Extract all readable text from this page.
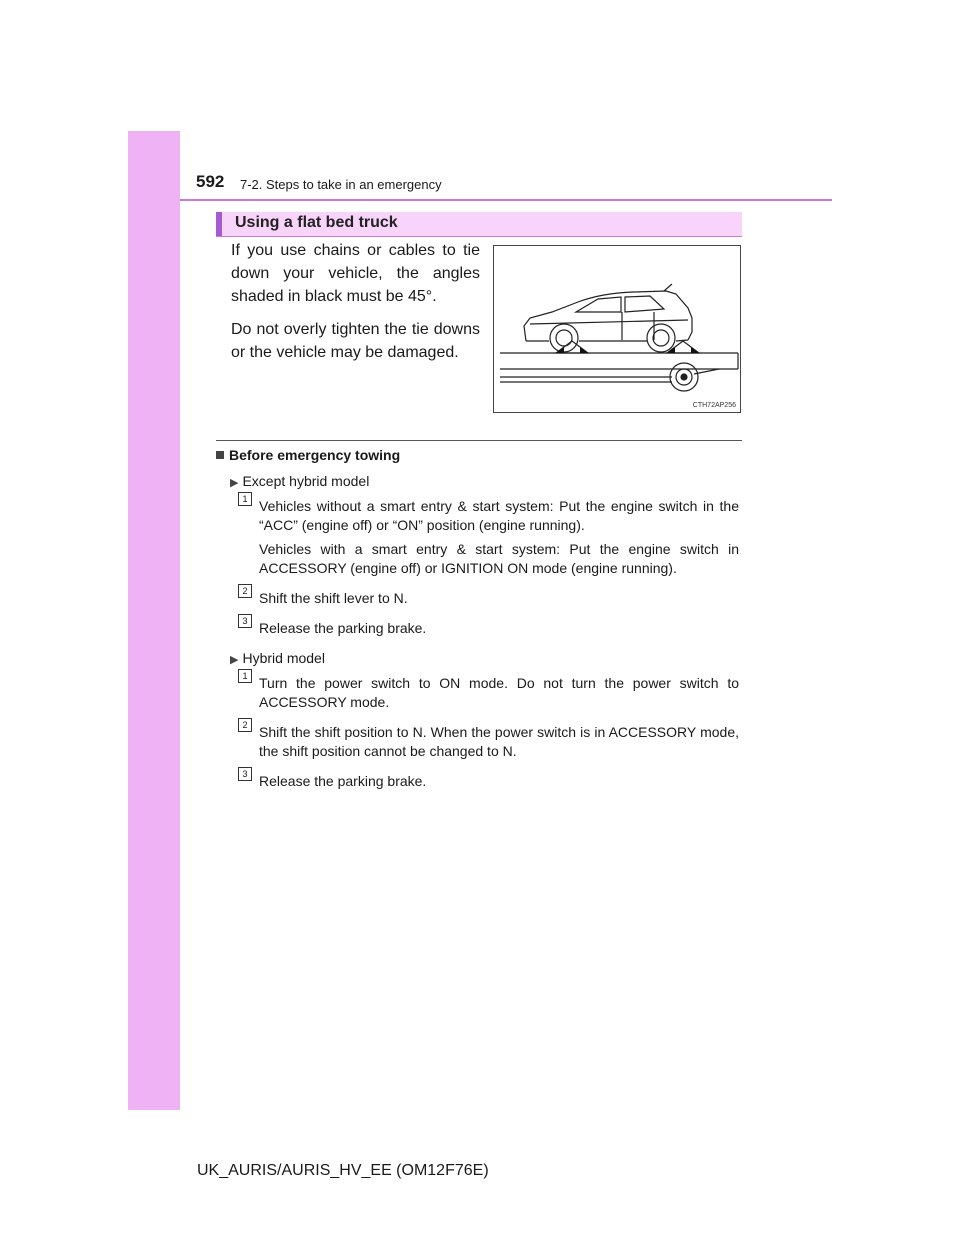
592 7-2. Steps to take in an emergency
Using a flat bed truck

If you use chains or cables to tie down your vehicle, the angles shaded in black must be 45°.

Do not overly tighten the tie downs or the vehicle may be damaged.

CTH72AP256
Before emergency towing
▶ Except hybrid model
1 Vehicles without a smart entry & start system: Put the engine switch in the “ACC” (engine off) or “ON” position (engine running).

Vehicles with a smart entry & start system: Put the engine switch in ACCESSORY (engine off) or IGNITION ON mode (engine running).

2 Shift the shift lever to N.

3 Release the parking brake.

▶ Hybrid model
1 Turn the power switch to ON mode. Do not turn the power switch to ACCESSORY mode.

2 Shift the shift position to N. When the power switch is in ACCESSORY mode, the shift position cannot be changed to N.

3 Release the parking brake.

UK_AURIS/AURIS_HV_EE (OM12F76E)
